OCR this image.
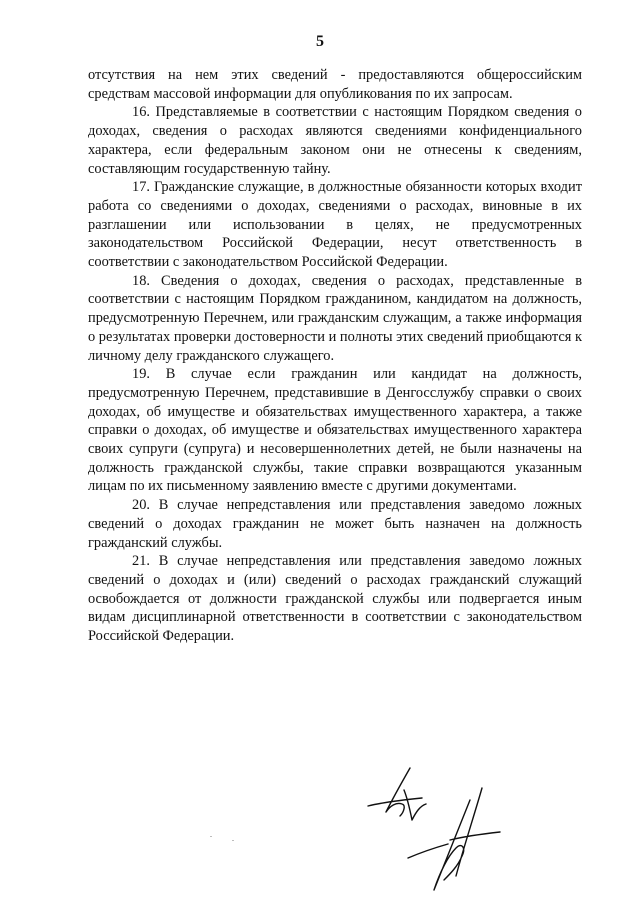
5

отсутствия на нем этих сведений - предоставляются общероссийским средствам массовой информации для опубликования по их запросам.

16. Представляемые в соответствии с настоящим Порядком сведения о доходах, сведения о расходах являются сведениями конфиденциального характера, если федеральным законом они не отнесены к сведениям, составляющим государственную тайну.

17. Гражданские служащие, в должностные обязанности которых входит работа со сведениями о доходах, сведениями о расходах, виновные в их разглашении или использовании в целях, не предусмотренных законодательством Российской Федерации, несут ответственность в соответствии с законодательством Российской Федерации.

18. Сведения о доходах, сведения о расходах, представленные в соответствии с настоящим Порядком гражданином, кандидатом на должность, предусмотренную Перечнем, или гражданским служащим, а также информация о результатах проверки достоверности и полноты этих сведений приобщаются к личному делу гражданского служащего.

19. В случае если гражданин или кандидат на должность, предусмотренную Перечнем, представившие в Денгосслужбу справки о своих доходах, об имуществе и обязательствах имущественного характера, а также справки о доходах, об имуществе и обязательствах имущественного характера своих супруги (супруга) и несовершеннолетних детей, не были назначены на должность гражданской службы, такие справки возвращаются указанным лицам по их письменному заявлению вместе с другими документами.

20. В случае непредставления или представления заведомо ложных сведений о доходах гражданин не может быть назначен на должность гражданский службы.

21. В случае непредставления или представления заведомо ложных сведений о доходах и (или) сведений о расходах гражданский служащий освобождается от должности гражданской службы или подвергается иным видам дисциплинарной ответственности в соответствии с законодательством Российской Федерации.
